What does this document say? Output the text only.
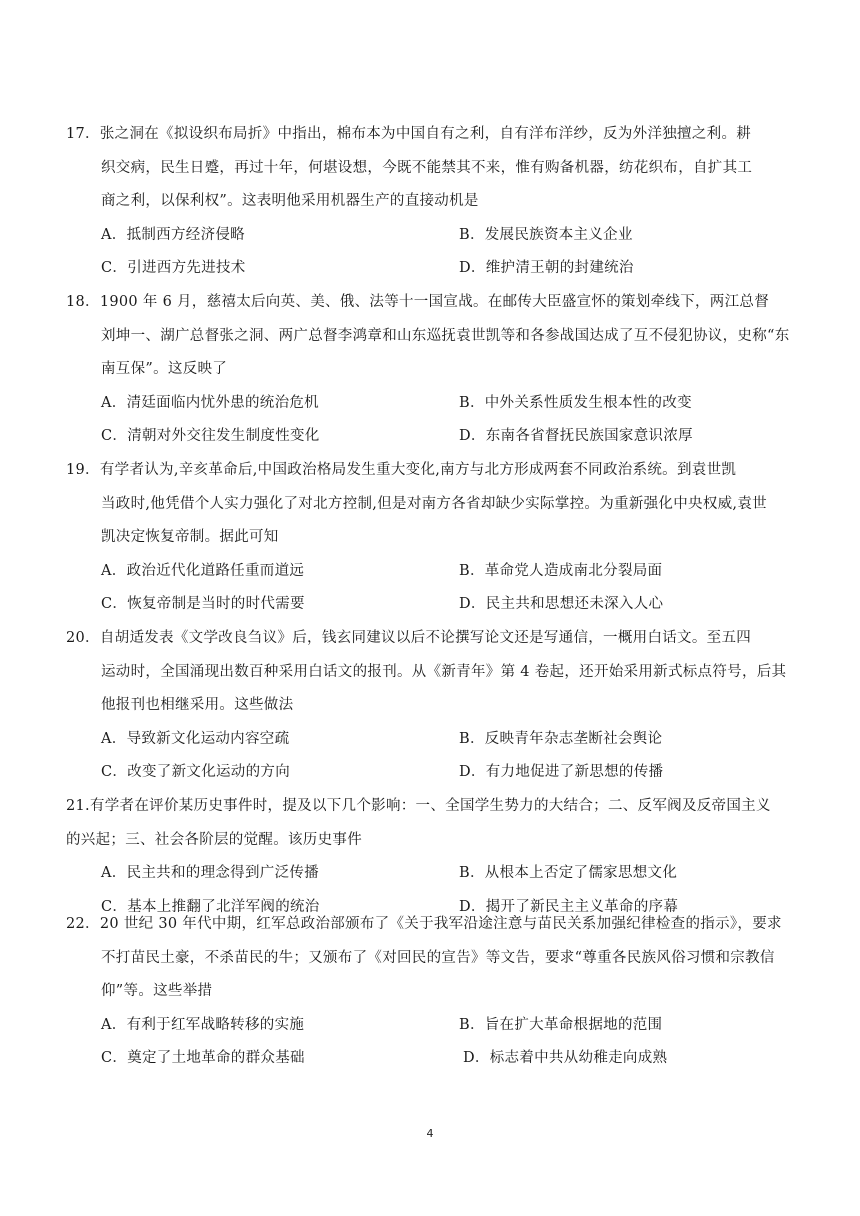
17．张之洞在《拟设织布局折》中指出，棉布本为中国自有之利，自有洋布洋纱，反为外洋独擅之利。耕
织交病，民生日蹙，再过十年，何堪设想，今既不能禁其不来，惟有购备机器，纺花织布，自扩其工
商之利，以保利权”。这表明他采用机器生产的直接动机是
A．抵制西方经济侵略	B．发展民族资本主义企业
C．引进西方先进技术	D．维护清王朝的封建统治
18．1900 年 6 月，慈禧太后向英、美、俄、法等十一国宣战。在邮传大臣盛宣怀的策划牵线下，两江总督
刘坤一、湖广总督张之洞、两广总督李鸿章和山东巡抚袁世凯等和各参战国达成了互不侵犯协议，史称“东
南互保”。这反映了
A．清廷面临内忧外患的统治危机	B．中外关系性质发生根本性的改变
C．清朝对外交往发生制度性变化	D．东南各省督抚民族国家意识浓厚
19．有学者认为,辛亥革命后,中国政治格局发生重大变化,南方与北方形成两套不同政治系统。到袁世凯
当政时,他凭借个人实力强化了对北方控制,但是对南方各省却缺少实际掌控。为重新强化中央权威,袁世
凯决定恢复帝制。据此可知
A．政治近代化道路任重而道远	B．革命党人造成南北分裂局面
C．恢复帝制是当时的时代需要	D．民主共和思想还未深入人心
20．自胡适发表《文学改良刍议》后，钱玄同建议以后不论撰写论文还是写通信，一概用白话文。至五四
运动时，全国涌现出数百种采用白话文的报刊。从《新青年》第 4 卷起，还开始采用新式标点符号，后其
他报刊也相继采用。这些做法
A．导致新文化运动内容空疏	B．反映青年杂志垄断社会舆论
C．改变了新文化运动的方向	D．有力地促进了新思想的传播
21.有学者在评价某历史事件时，提及以下几个影响：一、全国学生势力的大结合；二、反军阀及反帝国主义
的兴起；三、社会各阶层的觉醒。该历史事件
A．民主共和的理念得到广泛传播	B．从根本上否定了儒家思想文化
C．基本上推翻了北洋军阀的统治	D．揭开了新民主主义革命的序幕
22．20 世纪 30 年代中期，红军总政治部颁布了《关于我军沿途注意与苗民关系加强纪律检查的指示》，要求
不打苗民土豪，不杀苗民的牛；又颁布了《对回民的宣告》等文告，要求“尊重各民族风俗习惯和宗教信
仰”等。这些举措
A．有利于红军战略转移的实施	B．旨在扩大革命根据地的范围
C．奠定了土地革命的群众基础	D．标志着中共从幼稚走向成熟
4
